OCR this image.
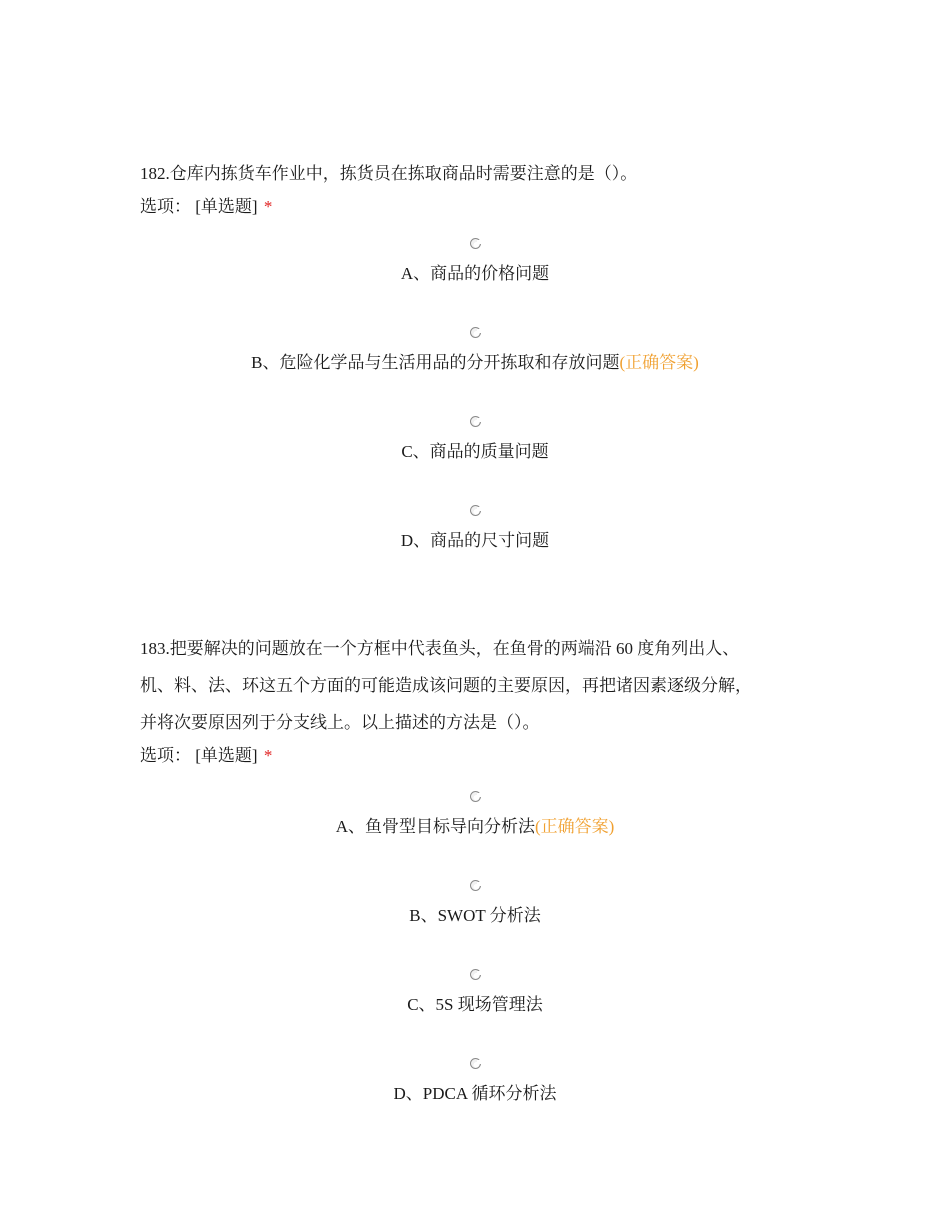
182.仓库内拣货车作业中，拣货员在拣取商品时需要注意的是（）。

选项： [单选题] *
A、商品的价格问题
B、危险化学品与生活用品的分开拣取和存放问题(正确答案)
C、商品的质量问题
D、商品的尺寸问题

183.把要解决的问题放在一个方框中代表鱼头，在鱼骨的两端沿 60 度角列出人、
机、料、法、环这五个方面的可能造成该问题的主要原因，再把诸因素逐级分解，
并将次要原因列于分支线上。以上描述的方法是（）。

选项： [单选题] *
A、鱼骨型目标导向分析法(正确答案)
B、SWOT 分析法
C、5S 现场管理法
D、PDCA 循环分析法
